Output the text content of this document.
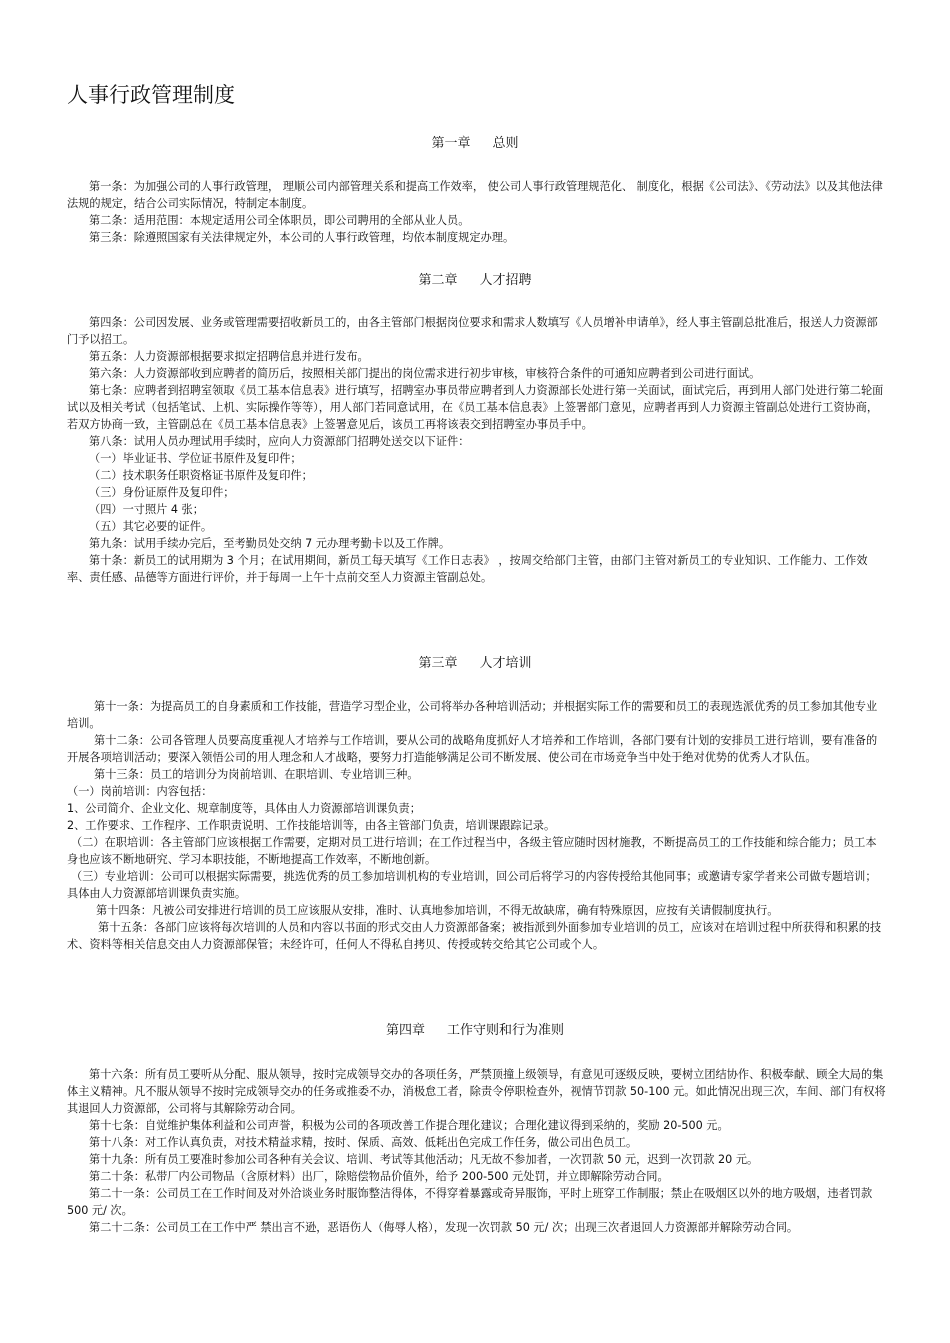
人事行政管理制度
第一章 总则

第一条：为加强公司的人事行政管理， 理顺公司内部管理关系和提高工作效率， 使公司人事行政管理规范化、 制度化，根据《公司法》、《劳动法》以及其他法律法规的规定，结合公司实际情况，特制定本制度。

第二条：适用范围：本规定适用公司全体职员，即公司聘用的全部从业人员。

第三条：除遵照国家有关法律规定外，本公司的人事行政管理，均依本制度规定办理。

第二章 人才招聘

第四条：公司因发展、业务或管理需要招收新员工的，由各主管部门根据岗位要求和需求人数填写《人员增补申请单》，经人事主管副总批准后，报送人力资源部门予以招工。

第五条：人力资源部根据要求拟定招聘信息并进行发布。

第六条：人力资源部收到应聘者的简历后，按照相关部门提出的岗位需求进行初步审核，审核符合条件的可通知应聘者到公司进行面试。

第七条：应聘者到招聘室领取《员工基本信息表》进行填写，招聘室办事员带应聘者到人力资源部长处进行第一关面试，面试完后，再到用人部门处进行第二轮面试以及相关考试（包括笔试、上机、实际操作等等），用人部门若同意试用，在《员工基本信息表》上签署部门意见，应聘者再到人力资源主管副总处进行工资协商，若双方协商一致，主管副总在《员工基本信息表》上签署意见后，该员工再将该表交到招聘室办事员手中。

第八条：试用人员办理试用手续时，应向人力资源部门招聘处送交以下证件：

（一）毕业证书、学位证书原件及复印件；

（二）技术职务任职资格证书原件及复印件；

（三）身份证原件及复印件；

（四）一寸照片 4 张；

（五）其它必要的证件。

第九条：试用手续办完后，至考勤员处交纳 7 元办理考勤卡以及工作牌。

第十条：新员工的试用期为 3 个月；在试用期间，新员工每天填写《工作日志表》 ，按周交给部门主管，由部门主管对新员工的专业知识、工作能力、工作效率、责任感、品德等方面进行评价，并于每周一上午十点前交至人力资源主管副总处。

第三章 人才培训

第十一条：为提高员工的自身素质和工作技能，营造学习型企业，公司将举办各种培训活动；并根据实际工作的需要和员工的表现选派优秀的员工参加其他专业培训。

第十二条：公司各管理人员要高度重视人才培养与工作培训，要从公司的战略角度抓好人才培养和工作培训，各部门要有计划的安排员工进行培训，要有准备的开展各项培训活动；要深入领悟公司的用人理念和人才战略，要努力打造能够满足公司不断发展、使公司在市场竞争当中处于绝对优势的优秀人才队伍。

第十三条：员工的培训分为岗前培训、在职培训、专业培训三种。

（一）岗前培训：内容包括：

1、公司简介、企业文化、规章制度等，具体由人力资源部培训课负责；

2、工作要求、工作程序、工作职责说明、工作技能培训等，由各主管部门负责，培训课跟踪记录。

（二）在职培训：各主管部门应该根据工作需要，定期对员工进行培训；在工作过程当中，各级主管应随时因材施教，不断提高员工的工作技能和综合能力；员工本身也应该不断地研究、学习本职技能，不断地提高工作效率，不断地创新。

（三）专业培训：公司可以根据实际需要，挑选优秀的员工参加培训机构的专业培训，回公司后将学习的内容传授给其他同事；或邀请专家学者来公司做专题培训；具体由人力资源部培训课负责实施。

第十四条：凡被公司安排进行培训的员工应该服从安排，准时、认真地参加培训，不得无故缺席，确有特殊原因，应按有关请假制度执行。

第十五条：各部门应该将每次培训的人员和内容以书面的形式交由人力资源部备案；被指派到外面参加专业培训的员工，应该对在培训过程中所获得和积累的技术、资料等相关信息交由人力资源部保管；未经许可，任何人不得私自拷贝、传授或转交给其它公司或个人。

第四章 工作守则和行为准则

第十六条：所有员工要听从分配、服从领导，按时完成领导交办的各项任务，严禁顶撞上级领导，有意见可逐级反映，要树立团结协作、积极奉献、顾全大局的集体主义精神。凡不服从领导不按时完成领导交办的任务或推委不办，消极怠工者，除责令停职检查外，视情节罚款 50-100 元。如此情况出现三次，车间、部门有权将其退回人力资源部，公司将与其解除劳动合同。

第十七条：自觉维护集体利益和公司声誉，积极为公司的各项改善工作提合理化建议；合理化建议得到采纳的，奖励 20-500 元。

第十八条：对工作认真负责，对技术精益求精，按时、保质、高效、低耗出色完成工作任务，做公司出色员工。

第十九条：所有员工要准时参加公司各种有关会议、培训、考试等其他活动；凡无故不参加者，一次罚款 50 元，迟到一次罚款 20 元。

第二十条：私带厂内公司物品（含原材料）出厂，除赔偿物品价值外，给予 200-500 元处罚，并立即解除劳动合同。

第二十一条：公司员工在工作时间及对外洽谈业务时服饰整洁得体，不得穿着暴露或奇异服饰，平时上班穿工作制服；禁止在吸烟区以外的地方吸烟，违者罚款 500 元/ 次。

第二十二条：公司员工在工作中严 禁出言不逊，恶语伤人（侮辱人格），发现一次罚款 50 元/ 次；出现三次者退回人力资源部并解除劳动合同。
